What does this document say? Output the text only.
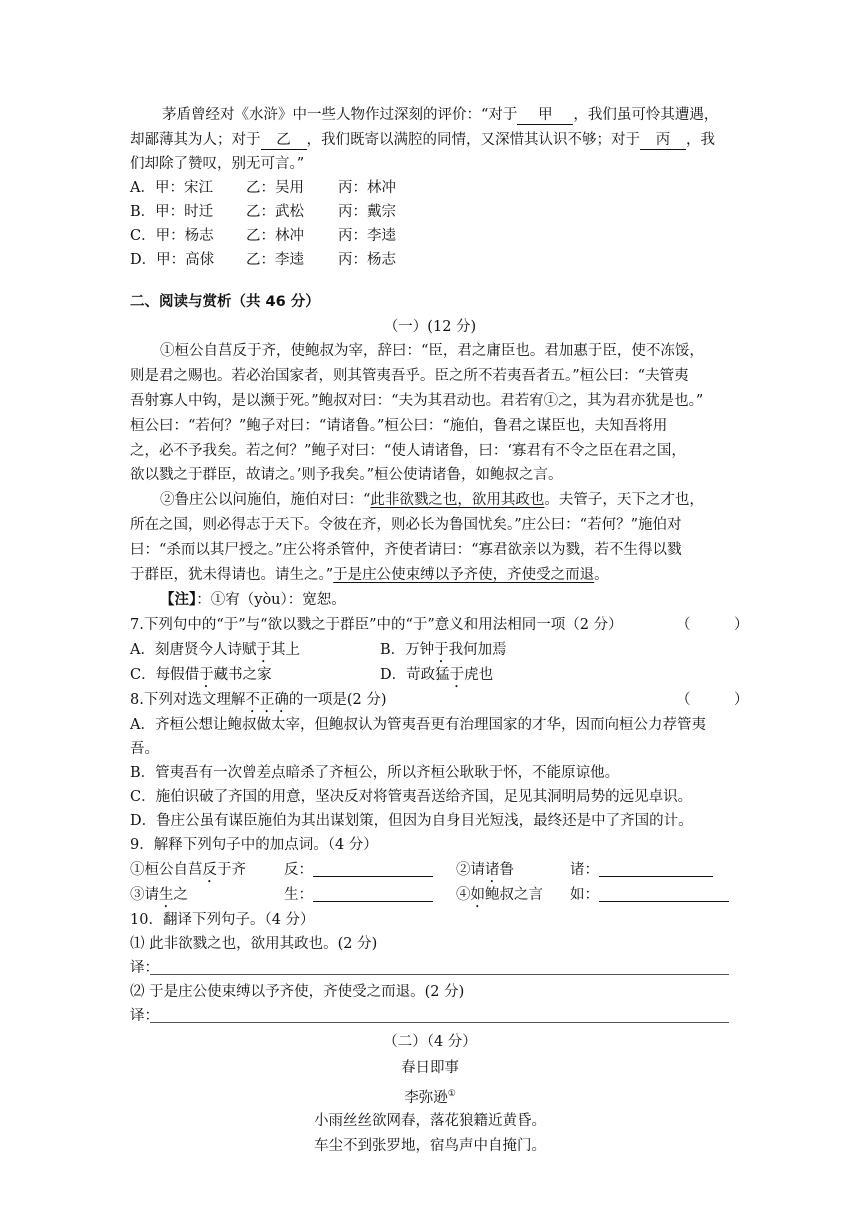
茅盾曾经对《水浒》中一些人物作过深刻的评价：“对于 甲 ，我们虽可怜其遭遇，
却鄙薄其为人；对于 乙 ，我们既寄以满腔的同情，又深惜其认识不够；对于 丙 ，我
们却除了赞叹，别无可言。”
A．甲：宋江 乙：吴用 丙：林冲
B．甲：时迁 乙：武松 丙：戴宗
C．甲：杨志 乙：林冲 丙：李逵
D．甲：高俅 乙：李逵 丙：杨志
二、阅读与赏析（共 46 分）
（一）(12 分)
①桓公自莒反于齐，使鲍叔为宰，辞曰：“臣，君之庸臣也。君加惠于臣，使不冻馁，
则是君之赐也。若必治国家者，则其管夷吾乎。臣之所不若夷吾者五。”桓公曰：“夫管夷
吾射寡人中钩，是以濒于死。”鲍叔对曰：“夫为其君动也。君若宥①之，其为君亦犹是也。”
桓公曰：“若何？”鲍子对曰：“请诸鲁。”桓公曰：“施伯，鲁君之谋臣也，夫知吾将用
之，必不予我矣。若之何？”鲍子对曰：“使人请诸鲁，曰：‘寡君有不令之臣在君之国，
欲以戮之于群臣，故请之。’则予我矣。”桓公使请诸鲁，如鲍叔之言。
②鲁庄公以问施伯，施伯对曰：“此非欲戮之也，欲用其政也。夫管子，天下之才也，
所在之国，则必得志于天下。令彼在齐，则必长为鲁国忧矣。”庄公曰：“若何？”施伯对
曰：“杀而以其尸授之。”庄公将杀管仲，齐使者请曰：“寡君欲亲以为戮，若不生得以戮
于群臣，犹未得请也。请生之。”于是庄公使束缚以予齐使，齐使受之而退。
【注】：①宥（yòu）：宽恕。
7.下列句中的“于”与“欲以戮之于群臣”中的“于”意义和用法相同一项（2 分）	（　　　）
A．刻唐贤今人诗赋于其上	B．万钟于我何加焉
C．每假借于藏书之家	D．苛政猛于虎也
8.下列对选文理解不正确的一项是(2 分)	（　　　）
A．齐桓公想让鲍叔做太宰，但鲍叔认为管夷吾更有治理国家的才华，因而向桓公力荐管夷
吾。
B．管夷吾有一次曾差点暗杀了齐桓公，所以齐桓公耿耿于怀，不能原谅他。
C．施伯识破了齐国的用意，坚决反对将管夷吾送给齐国，足见其洞明局势的远见卓识。
D．鲁庄公虽有谋臣施伯为其出谋划策，但因为自身目光短浅，最终还是中了齐国的计。
9．解释下列句子中的加点词。（4 分）
①桓公自莒反于齐	反：	②请诸鲁	诸：
③请生之	生：	④如鲍叔之言 如：
10．翻译下列句子。（4 分）
⑴ 此非欲戮之也，欲用其政也。(2 分)
译：
⑵ 于是庄公使束缚以予齐使，齐使受之而退。(2 分)
译：
（二）（4 分）
春日即事
李弥逊①
小雨丝丝欲网春，落花狼籍近黄昏。
车尘不到张罗地，宿鸟声中自掩门。
